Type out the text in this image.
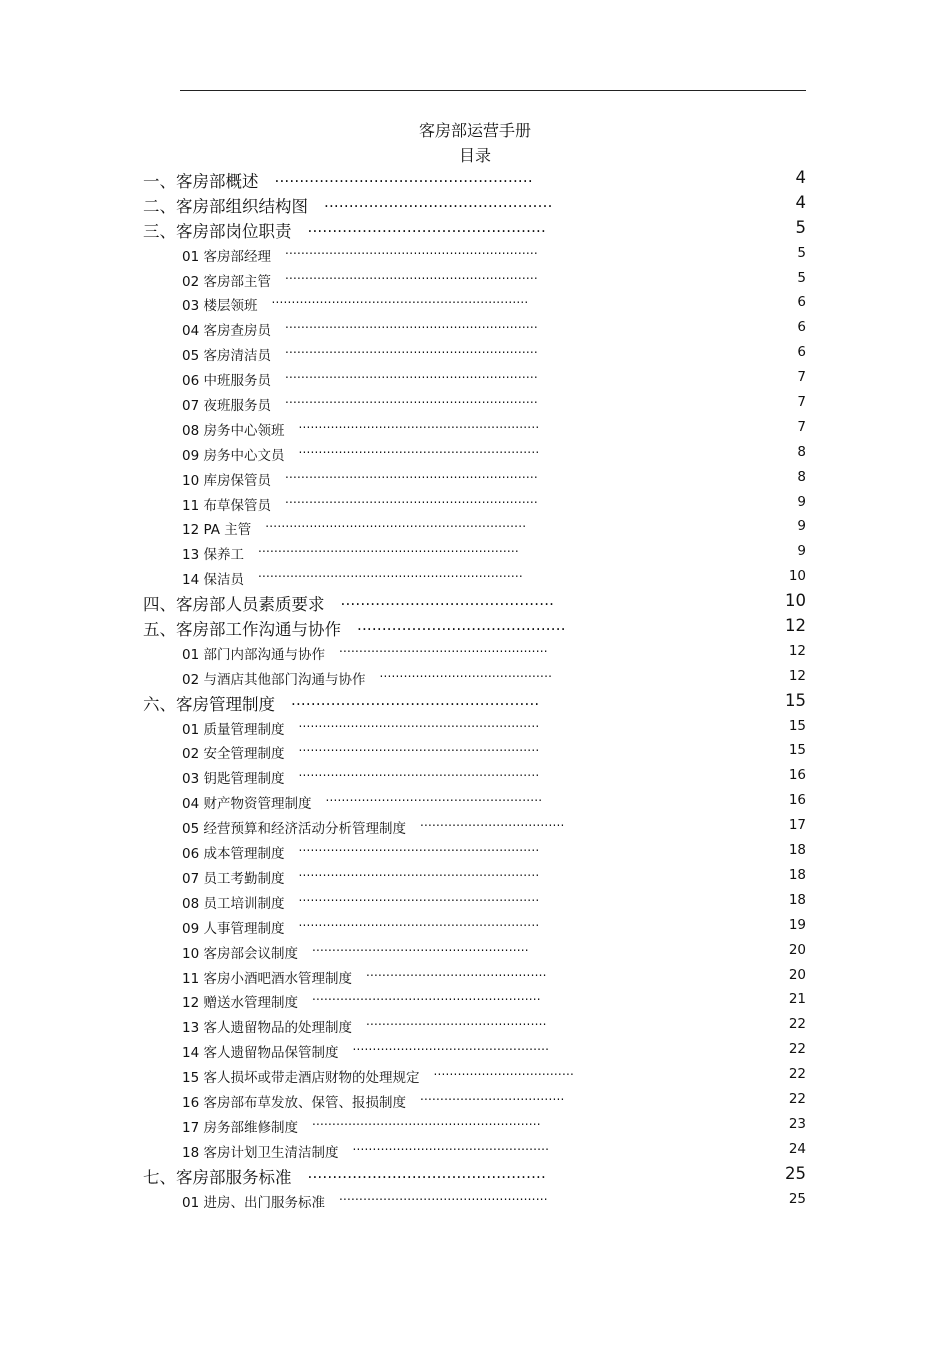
客房部运营手册
目录
一、客房部概述 ....................................................	4
二、客房部组织结构图 ..............................................	4
三、客房部岗位职责 ................................................	5
01 客房部经理 ...............................................................	5
02 客房部主管 ...............................................................	5
03 楼层领班 ................................................................	6
04 客房查房员 ...............................................................	6
05 客房清洁员 ...............................................................	6
06 中班服务员 ...............................................................	7
07 夜班服务员 ...............................................................	7
08 房务中心领班 ............................................................	7
09 房务中心文员 ............................................................	8
10 库房保管员 ...............................................................	8
11 布草保管员 ...............................................................	9
12 PA 主管 .................................................................	9
13 保养工 .................................................................	9
14 保洁员 ..................................................................	10
四、客房部人员素质要求 ...........................................	10
五、客房部工作沟通与协作 ..........................................	12
01 部门内部沟通与协作 ....................................................	12
02 与酒店其他部门沟通与协作 ...........................................	12
六、客房管理制度 ..................................................	15
01 质量管理制度 ............................................................	15
02 安全管理制度 ............................................................	15
03 钥匙管理制度 ............................................................	16
04 财产物资管理制度 ......................................................	16
05 经营预算和经济活动分析管理制度 ....................................	17
06 成本管理制度 ............................................................	18
07 员工考勤制度 ............................................................	18
08 员工培训制度 ............................................................	18
09 人事管理制度 ............................................................	19
10 客房部会议制度 ......................................................	20
11 客房小酒吧酒水管理制度 .............................................	20
12 赠送水管理制度 .........................................................	21
13 客人遗留物品的处理制度 .............................................	22
14 客人遗留物品保管制度 .................................................	22
15 客人损坏或带走酒店财物的处理规定 ...................................	22
16 客房部布草发放、保管、报损制度 ....................................	22
17 房务部维修制度 .........................................................	23
18 客房计划卫生清洁制度 .................................................	24
七、客房部服务标准 ................................................	25
01 进房、出门服务标准 ....................................................	25
